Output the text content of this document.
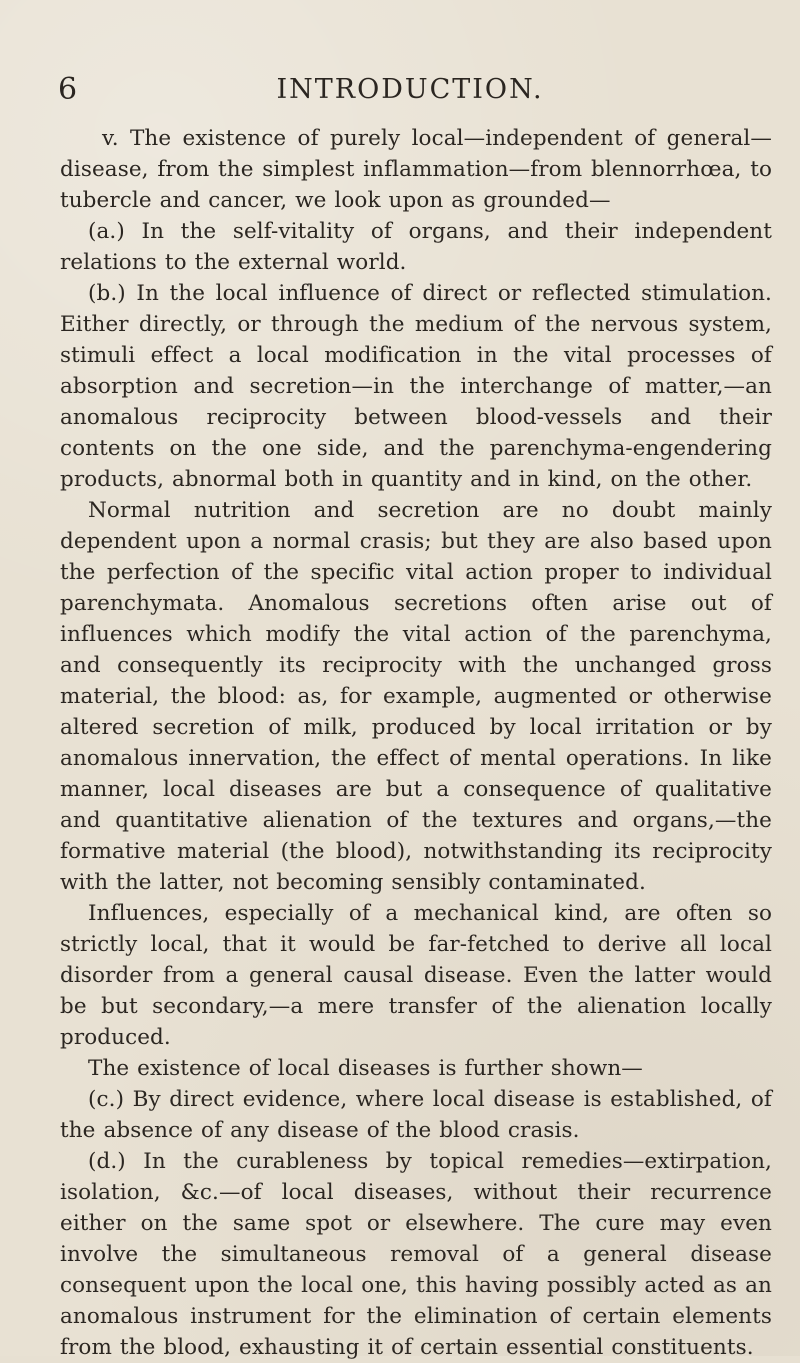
6	INTRODUCTION.

v. The existence of purely local—independent of general—disease, from the simplest inflammation—from blennorrhœa, to tubercle and cancer, we look upon as grounded—

(a.) In the self-vitality of organs, and their independent relations to the external world.

(b.) In the local influence of direct or reflected stimulation. Either directly, or through the medium of the nervous system, stimuli effect a local modification in the vital processes of absorption and secretion—in the interchange of matter,—an anomalous reciprocity between blood-vessels and their contents on the one side, and the parenchyma-engendering products, abnormal both in quantity and in kind, on the other.

Normal nutrition and secretion are no doubt mainly dependent upon a normal crasis; but they are also based upon the perfection of the specific vital action proper to individual parenchymata. Anomalous secretions often arise out of influences which modify the vital action of the parenchyma, and consequently its reciprocity with the unchanged gross material, the blood: as, for example, augmented or otherwise altered secretion of milk, produced by local irritation or by anomalous innervation, the effect of mental operations. In like manner, local diseases are but a consequence of qualitative and quantitative alienation of the textures and organs,—the formative material (the blood), notwithstanding its reciprocity with the latter, not becoming sensibly contaminated.

Influences, especially of a mechanical kind, are often so strictly local, that it would be far-fetched to derive all local disorder from a general causal disease. Even the latter would be but secondary,—a mere transfer of the alienation locally produced.

The existence of local diseases is further shown—

(c.) By direct evidence, where local disease is established, of the absence of any disease of the blood crasis.

(d.) In the curableness by topical remedies—extirpation, isolation, &c.—of local diseases, without their recurrence either on the same spot or elsewhere. The cure may even involve the simultaneous removal of a general disease consequent upon the local one, this having possibly acted as an anomalous instrument for the elimination of certain elements from the blood, exhausting it of certain essential constituents.
